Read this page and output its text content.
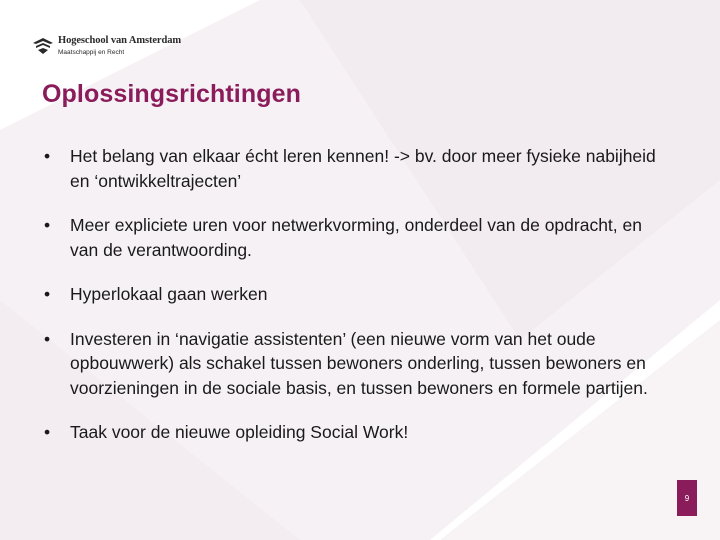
Hogeschool van Amsterdam
Maatschappij en Recht
Oplossingsrichtingen
•	Het belang van elkaar écht leren kennen! -> bv. door meer fysieke nabijheid en ‘ontwikkeltrajecten’
•	Meer expliciete uren voor netwerkvorming, onderdeel van de opdracht, en van de verantwoording.
•	Hyperlokaal gaan werken
•	Investeren in ‘navigatie assistenten’ (een nieuwe vorm van het oude opbouwwerk) als schakel tussen bewoners onderling, tussen bewoners en voorzieningen in de sociale basis, en tussen bewoners en formele partijen.
•	Taak voor de nieuwe opleiding Social Work!
9
